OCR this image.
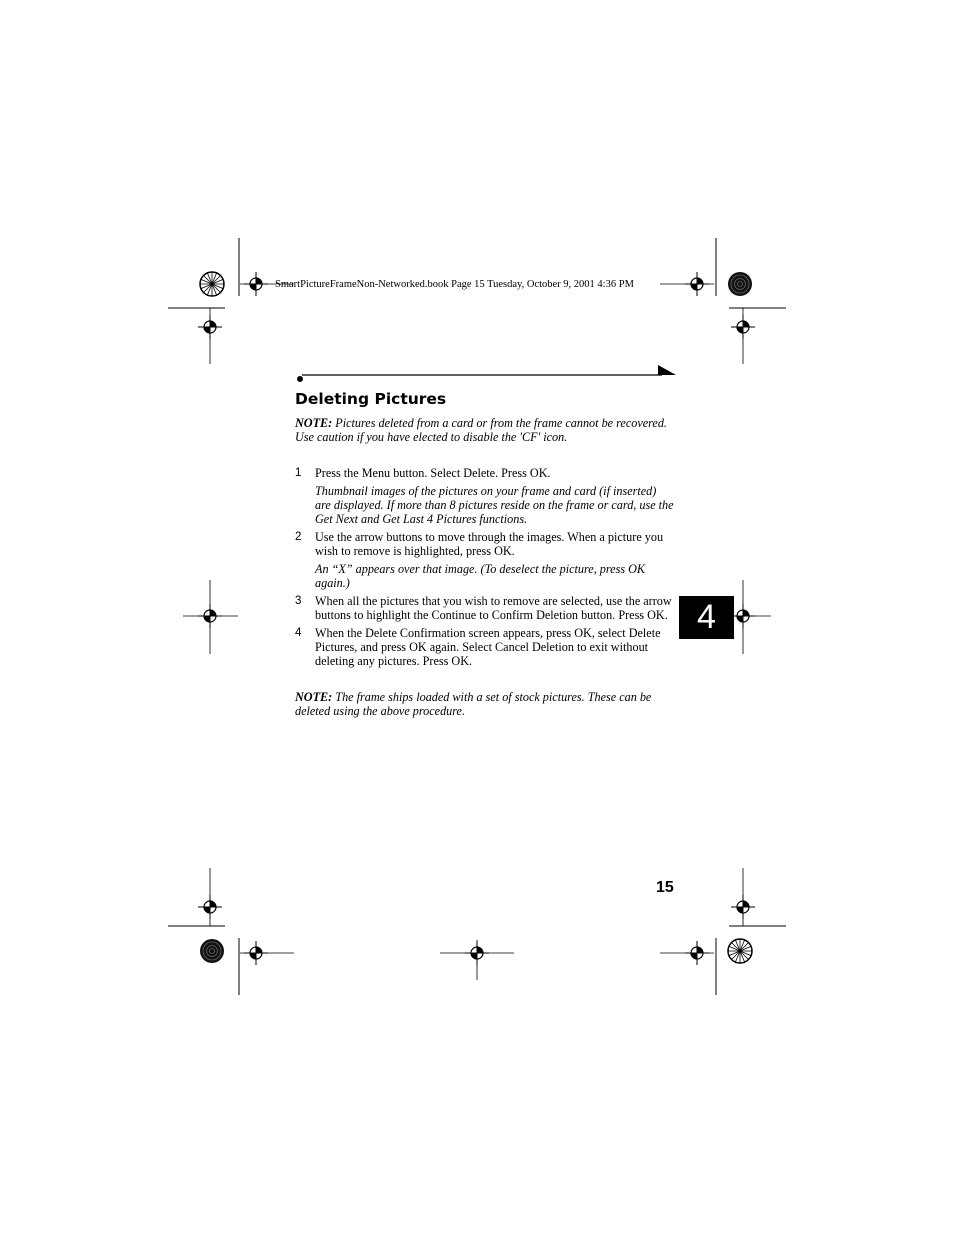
SmartPictureFrameNon-Networked.book Page 15 Tuesday, October 9, 2001 4:36 PM
4
Deleting Pictures
NOTE: Pictures deleted from a card or from the frame cannot be recovered. Use caution if you have elected to disable the 'CF' icon.
1 Press the Menu button. Select Delete. Press OK.
Thumbnail images of the pictures on your frame and card (if inserted) are displayed. If more than 8 pictures reside on the frame or card, use the Get Next and Get Last 4 Pictures functions.
2 Use the arrow buttons to move through the images. When a picture you wish to remove is highlighted, press OK.
An “X” appears over that image. (To deselect the picture, press OK again.)
3 When all the pictures that you wish to remove are selected, use the arrow buttons to highlight the Continue to Confirm Deletion button. Press OK.
4 When the Delete Confirmation screen appears, press OK, select Delete Pictures, and press OK again. Select Cancel Deletion to exit without deleting any pictures. Press OK.
NOTE: The frame ships loaded with a set of stock pictures. These can be deleted using the above procedure.
15
